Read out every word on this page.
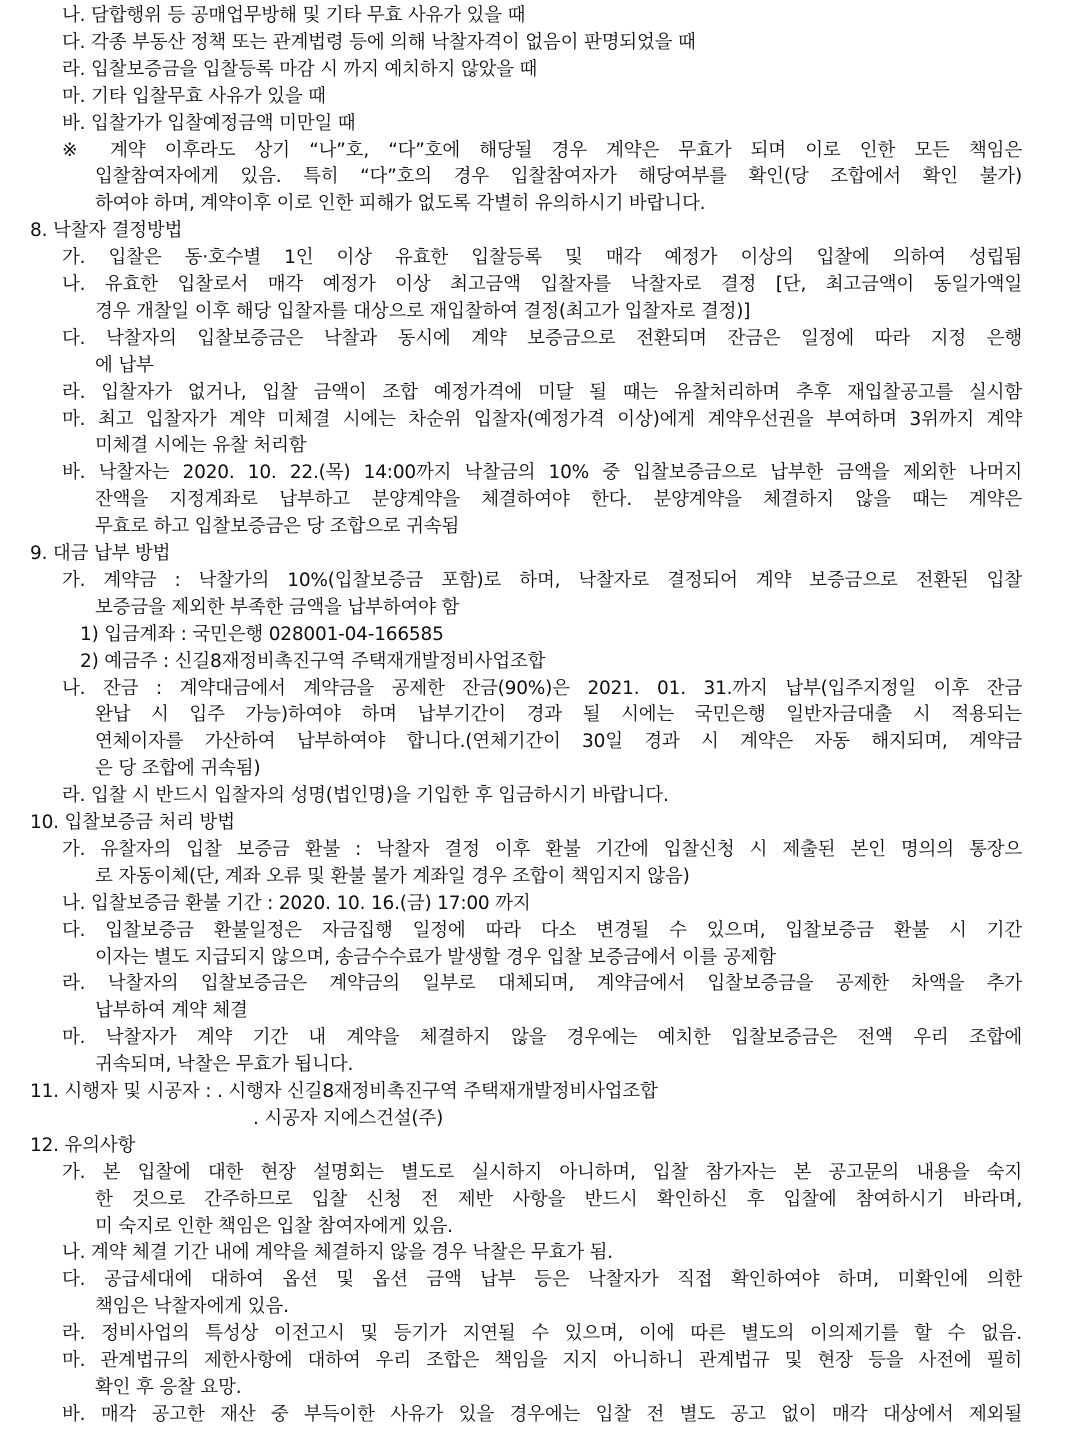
나. 담합행위 등 공매업무방해 및 기타 무효 사유가 있을 때
다. 각종 부동산 정책 또는 관계법령 등에 의해 낙찰자격이 없음이 판명되었을 때
라. 입찰보증금을 입찰등록 마감 시 까지 예치하지 않았을 때
마. 기타 입찰무효 사유가 있을 때
바. 입찰가가 입찰예정금액 미만일 때
※ 계약 이후라도 상기 “나”호, “다”호에 해당될 경우 계약은 무효가 되며 이로 인한 모든 책임은
입찰참여자에게 있음. 특히 “다”호의 경우 입찰참여자가 해당여부를 확인(당 조합에서 확인 불가)
하여야 하며, 계약이후 이로 인한 피해가 없도록 각별히 유의하시기 바랍니다.
8. 낙찰자 결정방법
가. 입찰은 동·호수별 1인 이상 유효한 입찰등록 및 매각 예정가 이상의 입찰에 의하여 성립됨
나. 유효한 입찰로서 매각 예정가 이상 최고금액 입찰자를 낙찰자로 결정 [단, 최고금액이 동일가액일
경우 개찰일 이후 해당 입찰자를 대상으로 재입찰하여 결정(최고가 입찰자로 결정)]
다. 낙찰자의 입찰보증금은 낙찰과 동시에 계약 보증금으로 전환되며 잔금은 일정에 따라 지정 은행
에 납부
라. 입찰자가 없거나, 입찰 금액이 조합 예정가격에 미달 될 때는 유찰처리하며 추후 재입찰공고를 실시함
마. 최고 입찰자가 계약 미체결 시에는 차순위 입찰자(예정가격 이상)에게 계약우선권을 부여하며 3위까지 계약
미체결 시에는 유찰 처리함
바. 낙찰자는 2020. 10. 22.(목) 14:00까지 낙찰금의 10% 중 입찰보증금으로 납부한 금액을 제외한 나머지
잔액을 지정계좌로 납부하고 분양계약을 체결하여야 한다. 분양계약을 체결하지 않을 때는 계약은
무효로 하고 입찰보증금은 당 조합으로 귀속됨
9. 대금 납부 방법
가. 계약금 : 낙찰가의 10%(입찰보증금 포함)로 하며, 낙찰자로 결정되어 계약 보증금으로 전환된 입찰
보증금을 제외한 부족한 금액을 납부하여야 함
1) 입금계좌 : 국민은행 028001-04-166585
2) 예금주 : 신길8재정비촉진구역 주택재개발정비사업조합
나. 잔금 : 계약대금에서 계약금을 공제한 잔금(90%)은 2021. 01. 31.까지 납부(입주지정일 이후 잔금
완납 시 입주 가능)하여야 하며 납부기간이 경과 될 시에는 국민은행 일반자금대출 시 적용되는
연체이자를 가산하여 납부하여야 합니다.(연체기간이 30일 경과 시 계약은 자동 해지되며, 계약금
은 당 조합에 귀속됨)
라. 입찰 시 반드시 입찰자의 성명(법인명)을 기입한 후 입금하시기 바랍니다.
10. 입찰보증금 처리 방법
가. 유찰자의 입찰 보증금 환불 : 낙찰자 결정 이후 환불 기간에 입찰신청 시 제출된 본인 명의의 통장으
로 자동이체(단, 계좌 오류 및 환불 불가 계좌일 경우 조합이 책임지지 않음)
나. 입찰보증금 환불 기간 : 2020. 10. 16.(금) 17:00 까지
다. 입찰보증금 환불일정은 자금집행 일정에 따라 다소 변경될 수 있으며, 입찰보증금 환불 시 기간
이자는 별도 지급되지 않으며, 송금수수료가 발생할 경우 입찰 보증금에서 이를 공제함
라. 낙찰자의 입찰보증금은 계약금의 일부로 대체되며, 계약금에서 입찰보증금을 공제한 차액을 추가
납부하여 계약 체결
마. 낙찰자가 계약 기간 내 계약을 체결하지 않을 경우에는 예치한 입찰보증금은 전액 우리 조합에
귀속되며, 낙찰은 무효가 됩니다.
11. 시행자 및 시공자 : . 시행자 신길8재정비촉진구역 주택재개발정비사업조합
. 시공자 지에스건설(주)
12. 유의사항
가. 본 입찰에 대한 현장 설명회는 별도로 실시하지 아니하며, 입찰 참가자는 본 공고문의 내용을 숙지
한 것으로 간주하므로 입찰 신청 전 제반 사항을 반드시 확인하신 후 입찰에 참여하시기 바라며,
미 숙지로 인한 책임은 입찰 참여자에게 있음.
나. 계약 체결 기간 내에 계약을 체결하지 않을 경우 낙찰은 무효가 됨.
다. 공급세대에 대하여 옵션 및 옵션 금액 납부 등은 낙찰자가 직접 확인하여야 하며, 미확인에 의한
책임은 낙찰자에게 있음.
라. 정비사업의 특성상 이전고시 및 등기가 지연될 수 있으며, 이에 따른 별도의 이의제기를 할 수 없음.
마. 관계법규의 제한사항에 대하여 우리 조합은 책임을 지지 아니하니 관계법규 및 현장 등을 사전에 필히
확인 후 응찰 요망.
바. 매각 공고한 재산 중 부득이한 사유가 있을 경우에는 입찰 전 별도 공고 없이 매각 대상에서 제외될
